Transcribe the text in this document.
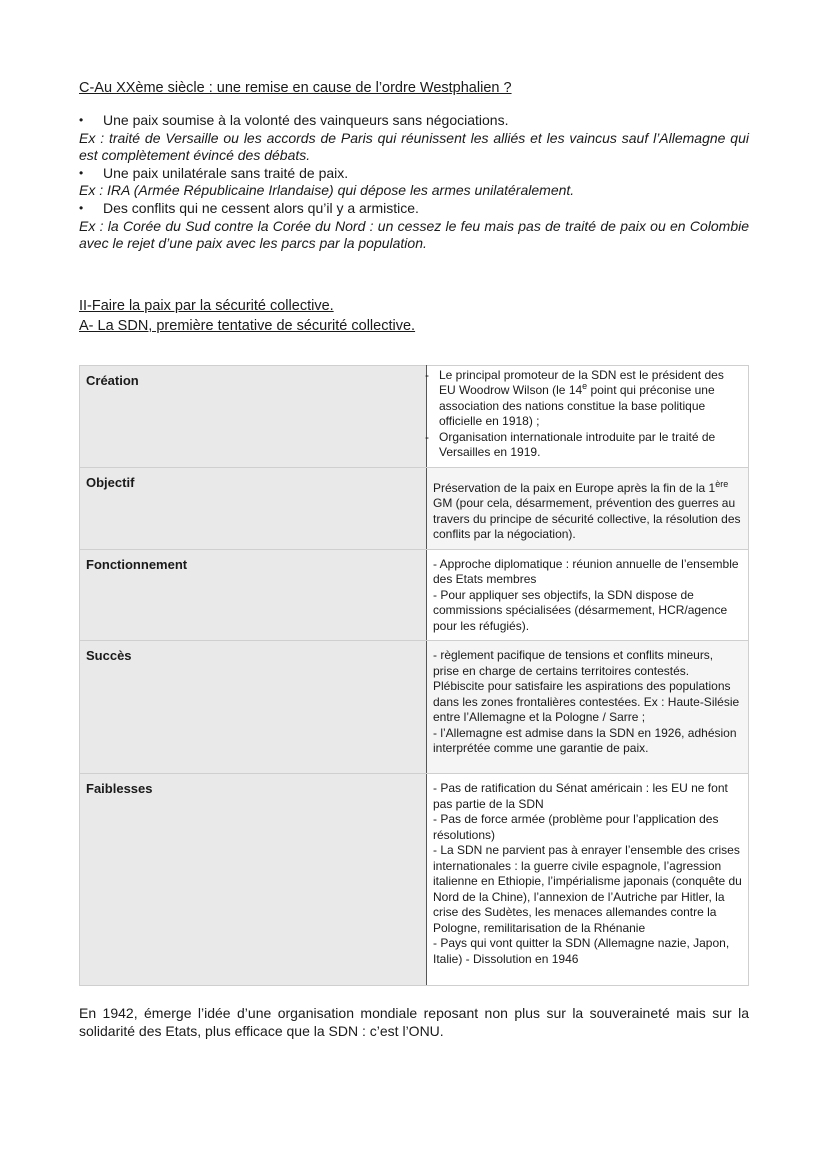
C-Au XXème siècle : une remise en cause de l’ordre Westphalien ?

•	Une paix soumise à la volonté des vainqueurs sans négociations.

Ex : traité de Versaille ou les accords de Paris qui réunissent les alliés et les vaincus sauf l’Allemagne qui est complètement évincé des débats.

•	Une paix unilatérale sans traité de paix.

Ex : IRA (Armée Républicaine Irlandaise) qui dépose les armes unilatéralement.

•	Des conflits qui ne cessent alors qu’il y a armistice.

Ex : la Corée du Sud contre la Corée du Nord : un cessez le feu mais pas de traité de paix ou en Colombie avec le rejet d’une paix avec les parcs par la population.

II-Faire la paix par la sécurité collective.

A- La SDN, première tentative de sécurité collective.

Création	- Le principal promoteur de la SDN est le président des EU Woodrow Wilson (le 14e point qui préconise une association des nations constitue la base politique officielle en 1918) ;
- Organisation internationale introduite par le traité de Versailles en 1919.

Objectif	Préservation de la paix en Europe après la fin de la 1ère GM (pour cela, désarmement, prévention des guerres au travers du principe de sécurité collective, la résolution des conflits par la négociation).
Fonctionnement	- Approche diplomatique : réunion annuelle de l’ensemble des Etats membres
- Pour appliquer ses objectifs, la SDN dispose de commissions spécialisées (désarmement, HCR/agence pour les réfugiés).

Succès	- règlement pacifique de tensions et conflits mineurs, prise en charge de certains territoires contestés. Plébiscite pour satisfaire les aspirations des populations dans les zones frontalières contestées. Ex : Haute-Silésie entre l’Allemagne et la Pologne / Sarre ;
- l’Allemagne est admise dans la SDN en 1926, adhésion interprétée comme une garantie de paix.

Faiblesses	- Pas de ratification du Sénat américain : les EU ne font pas partie de la SDN
- Pas de force armée (problème pour l’application des résolutions)
- La SDN ne parvient pas à enrayer l’ensemble des crises internationales : la guerre civile espagnole, l’agression italienne en Ethiopie, l’impérialisme japonais (conquête du Nord de la Chine), l’annexion de l’Autriche par Hitler, la crise des Sudètes, les menaces allemandes contre la Pologne, remilitarisation de la Rhénanie
- Pays qui vont quitter la SDN (Allemagne nazie, Japon, Italie) - Dissolution en 1946

En 1942, émerge l’idée d’une organisation mondiale reposant non plus sur la souveraineté mais sur la solidarité des Etats, plus efficace que la SDN : c’est l’ONU.
